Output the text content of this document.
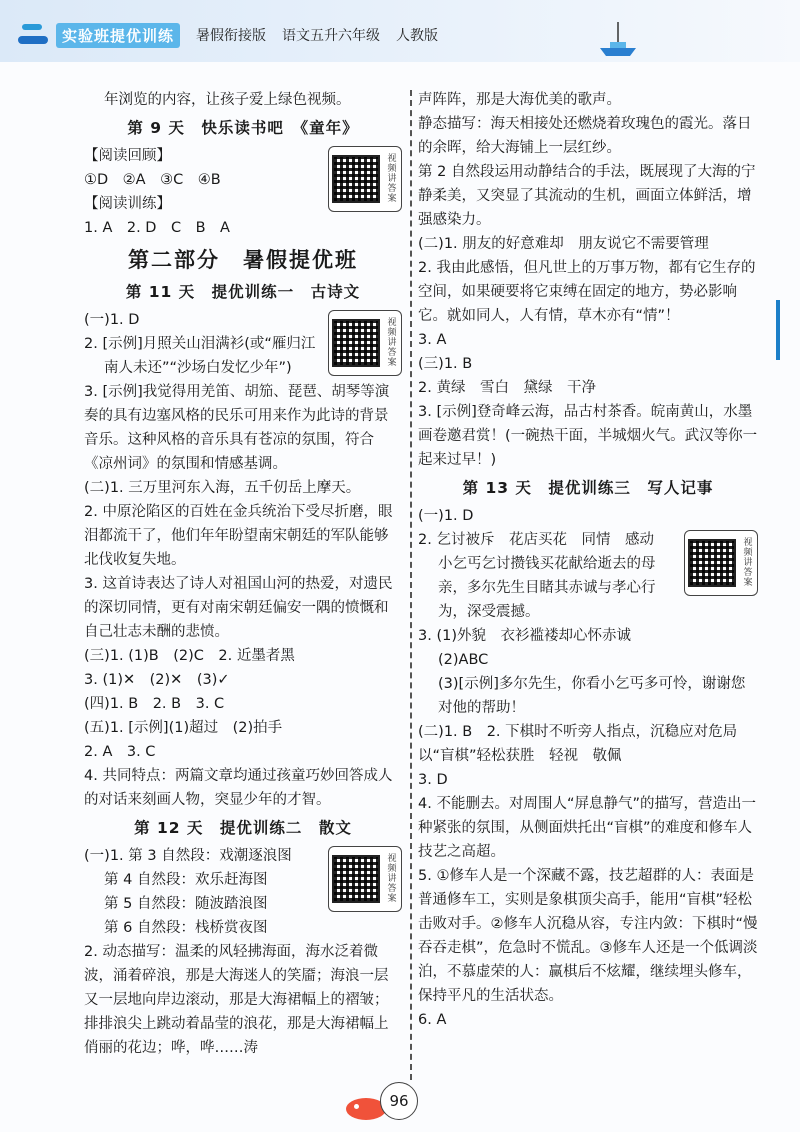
实验班提优训练	暑假衔接版 语文五升六年级 人教版
年浏览的内容，让孩子爱上绿色视频。
第 9 天　快乐读书吧　《童年》
视频讲答案
【阅读回顾】
①D　②A　③C　④B
【阅读训练】
1. A　2. D　C　B　A
第二部分　暑假提优班
第 11 天　提优训练一　古诗文
视频讲答案
(一)1. D
2. [示例]月照关山泪满衫(或“雁归江
南人未还”“沙场白发忆少年”)
3. [示例]我觉得用羌笛、胡笳、琵琶、胡琴等演奏的具有边塞风格的民乐可用来作为此诗的背景音乐。这种风格的音乐具有苍凉的氛围，符合《凉州词》的氛围和情感基调。
(二)1. 三万里河东入海，五千仞岳上摩天。
2. 中原沦陷区的百姓在金兵统治下受尽折磨，眼泪都流干了，他们年年盼望南宋朝廷的军队能够北伐收复失地。
3. 这首诗表达了诗人对祖国山河的热爱，对遗民的深切同情，更有对南宋朝廷偏安一隅的愤慨和自己壮志未酬的悲愤。
(三)1. (1)B　(2)C　2. 近墨者黑
3. (1)✕　(2)✕　(3)✓
(四)1. B　2. B　3. C
(五)1. [示例](1)超过　(2)拍手
2. A　3. C
4. 共同特点：两篇文章均通过孩童巧妙回答成人的对话来刻画人物，突显少年的才智。
第 12 天　提优训练二　散文
视频讲答案
(一)1. 第 3 自然段：戏潮逐浪图
第 4 自然段：欢乐赶海图
第 5 自然段：随波踏浪图
第 6 自然段：栈桥赏夜图
2. 动态描写：温柔的风轻拂海面，海水泛着微波，涌着碎浪，那是大海迷人的笑靥；海浪一层又一层地向岸边滚动，那是大海裙幅上的褶皱；排排浪尖上跳动着晶莹的浪花，那是大海裙幅上俏丽的花边；哗，哗……涛
声阵阵，那是大海优美的歌声。
静态描写：海天相接处还燃烧着玫瑰色的霞光。落日的余晖，给大海铺上一层红纱。
第 2 自然段运用动静结合的手法，既展现了大海的宁静柔美，又突显了其流动的生机，画面立体鲜活，增强感染力。
(二)1. 朋友的好意难却　朋友说它不需要管理
2. 我由此感悟，但凡世上的万事万物，都有它生存的空间，如果硬要将它束缚在固定的地方，势必影响它。就如同人，人有情，草木亦有“情”！
3. A
(三)1. B
2. 黄绿　雪白　黛绿　干净
3. [示例]登奇峰云海，品古村茶香。皖南黄山，水墨画卷邀君赏！(一碗热干面，半城烟火气。武汉等你一起来过早！)
第 13 天　提优训练三　写人记事
(一)1. D
视频讲答案
2. 乞讨被斥　花店买花　同情　感动
小乞丐乞讨攒钱买花献给逝去的母亲，多尔先生目睹其赤诚与孝心行为，深受震撼。
3. (1)外貌　衣衫褴褛却心怀赤诚
(2)ABC
(3)[示例]多尔先生，你看小乞丐多可怜，谢谢您对他的帮助！
(二)1. B　2. 下棋时不听旁人指点，沉稳应对危局　以“盲棋”轻松获胜　轻视　敬佩
3. D
4. 不能删去。对周围人“屏息静气”的描写，营造出一种紧张的氛围，从侧面烘托出“盲棋”的难度和修车人技艺之高超。
5. ①修车人是一个深藏不露，技艺超群的人：表面是普通修车工，实则是象棋顶尖高手，能用“盲棋”轻松击败对手。②修车人沉稳从容，专注内敛：下棋时“慢吞吞走棋”，危急时不慌乱。③修车人还是一个低调淡泊，不慕虚荣的人：赢棋后不炫耀，继续埋头修车，保持平凡的生活状态。
6. A
96
